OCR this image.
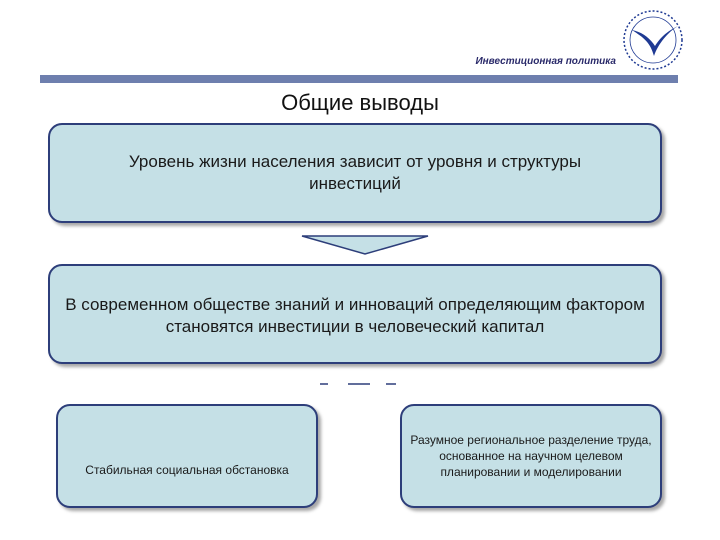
Инвестиционная политика
Общие выводы
Уровень жизни населения зависит от уровня и структуры инвестиций
В современном обществе знаний и инноваций определяющим фактором становятся инвестиции в человеческий капитал
Стабильная социальная обстановка
Разумное региональное разделение труда, основанное на научном целевом планировании и моделировании
